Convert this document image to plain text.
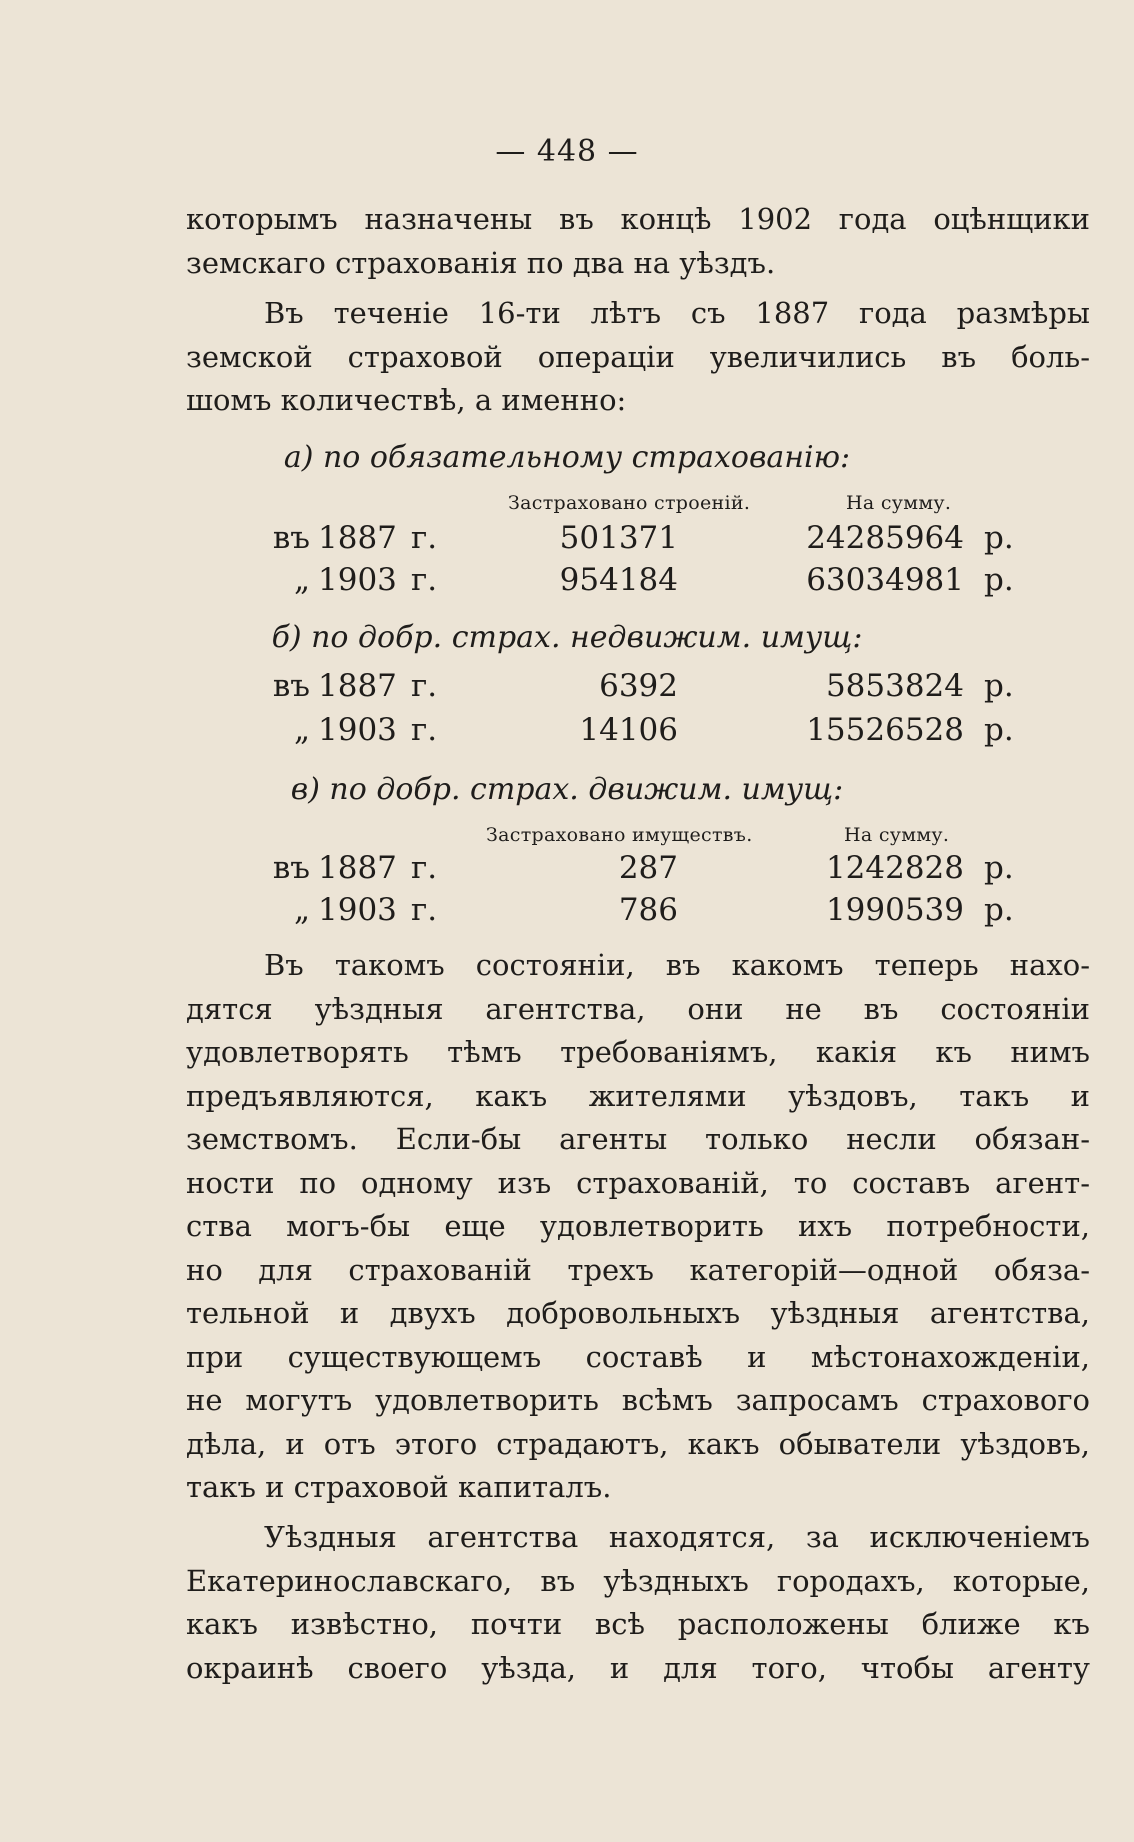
— 448 —
которымъ назначены въ концѣ 1902 года оцѣнщики
земскаго страхованія по два на уѣздъ.
Въ теченіе 16-ти лѣтъ съ 1887 года размѣры
земской страховой операціи увеличились въ боль-
шомъ количествѣ, а именно:
а) по обязательному страхованію:
Застраховано строеній.	На сумму.
въ 1887 г.	501371	24285964 р.
„ 1903 г.	954184	63034981 р.
б) по добр. страх. недвижим. имущ:
въ 1887 г.	6392	5853824 р.
„ 1903 г.	14106	15526528 р.
в) по добр. страх. движим. имущ:
Застраховано имуществъ.	На сумму.
въ 1887 г.	287	1242828 р.
„ 1903 г.	786	1990539 р.
Въ такомъ состояніи, въ какомъ теперь нахо-
дятся уѣздныя агентства, они не въ состояніи
удовлетворять тѣмъ требованіямъ, какія къ нимъ
предъявляются, какъ жителями уѣздовъ, такъ и
земствомъ. Если-бы агенты только несли обязан-
ности по одному изъ страхованій, то составъ агент-
ства могъ-бы еще удовлетворить ихъ потребности,
но для страхованій трехъ категорій—одной обяза-
тельной и двухъ добровольныхъ уѣздныя агентства,
при существующемъ составѣ и мѣстонахожденіи,
не могутъ удовлетворить всѣмъ запросамъ страхового
дѣла, и отъ этого страдаютъ, какъ обыватели уѣздовъ,
такъ и страховой капиталъ.
Уѣздныя агентства находятся, за исключеніемъ
Екатеринославскаго, въ уѣздныхъ городахъ, которые,
какъ извѣстно, почти всѣ расположены ближе къ
окраинѣ своего уѣзда, и для того, чтобы агенту
